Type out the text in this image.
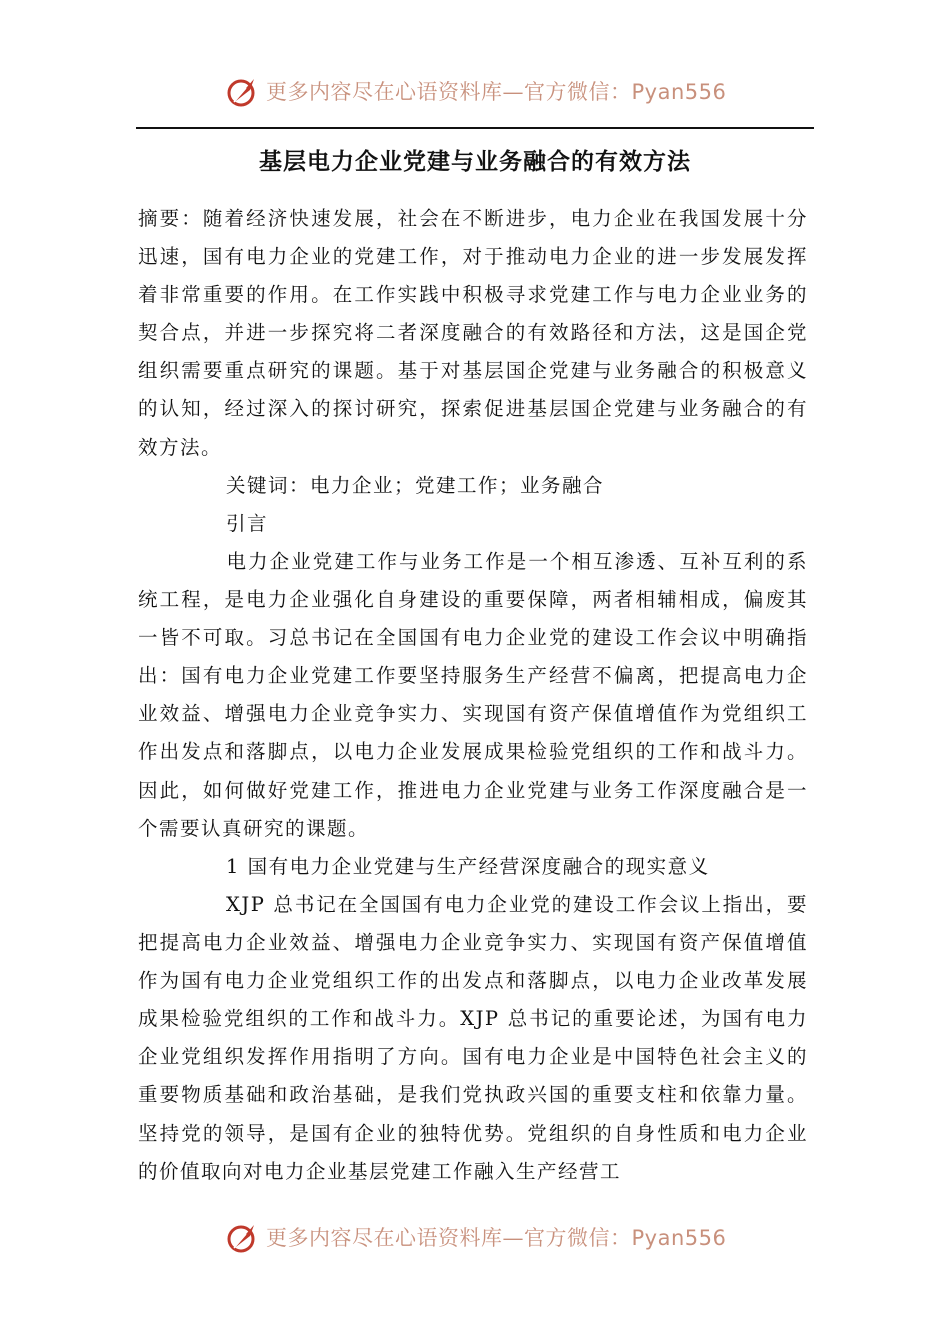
更多内容尽在心语资料库—官方微信：Pyan556
基层电力企业党建与业务融合的有效方法
摘要：随着经济快速发展，社会在不断进步，电力企业在我国发展十分迅速，国有电力企业的党建工作，对于推动电力企业的进一步发展发挥着非常重要的作用。在工作实践中积极寻求党建工作与电力企业业务的契合点，并进一步探究将二者深度融合的有效路径和方法，这是国企党组织需要重点研究的课题。基于对基层国企党建与业务融合的积极意义的认知，经过深入的探讨研究，探索促进基层国企党建与业务融合的有效方法。
关键词：电力企业；党建工作；业务融合
引言
电力企业党建工作与业务工作是一个相互渗透、互补互利的系统工程，是电力企业强化自身建设的重要保障，两者相辅相成，偏废其一皆不可取。习总书记在全国国有电力企业党的建设工作会议中明确指出：国有电力企业党建工作要坚持服务生产经营不偏离，把提高电力企业效益、增强电力企业竞争实力、实现国有资产保值增值作为党组织工作出发点和落脚点，以电力企业发展成果检验党组织的工作和战斗力。因此，如何做好党建工作，推进电力企业党建与业务工作深度融合是一个需要认真研究的课题。
1 国有电力企业党建与生产经营深度融合的现实意义
XJP 总书记在全国国有电力企业党的建设工作会议上指出，要把提高电力企业效益、增强电力企业竞争实力、实现国有资产保值增值作为国有电力企业党组织工作的出发点和落脚点，以电力企业改革发展成果检验党组织的工作和战斗力。XJP 总书记的重要论述，为国有电力企业党组织发挥作用指明了方向。国有电力企业是中国特色社会主义的重要物质基础和政治基础，是我们党执政兴国的重要支柱和依靠力量。坚持党的领导，是国有企业的独特优势。党组织的自身性质和电力企业的价值取向对电力企业基层党建工作融入生产经营工
更多内容尽在心语资料库—官方微信：Pyan556
